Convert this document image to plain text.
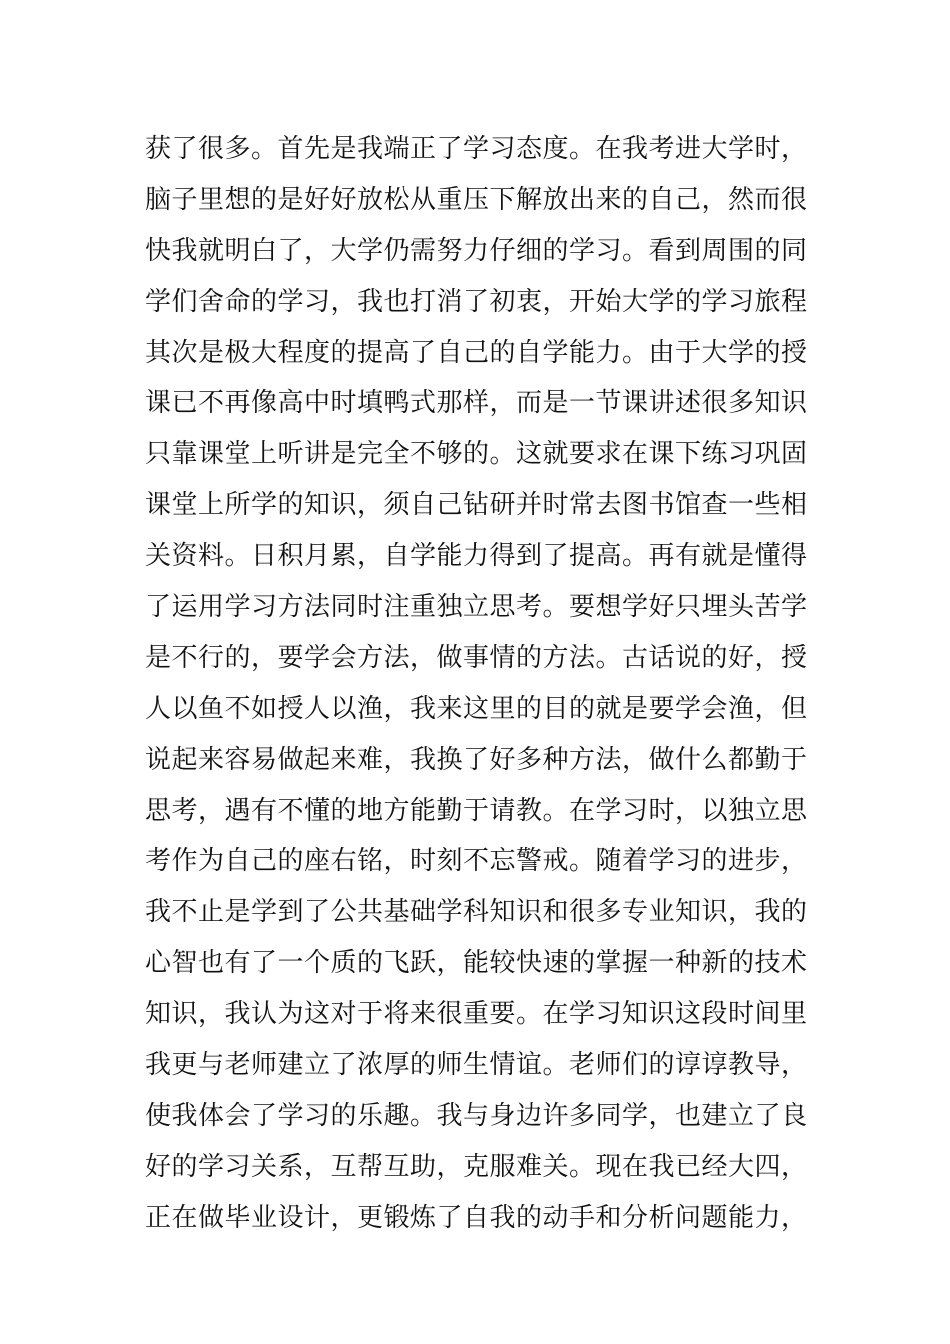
获了很多。首先是我端正了学习态度。在我考进大学时，
脑子里想的是好好放松从重压下解放出来的自己，然而很
快我就明白了，大学仍需努力仔细的学习。看到周围的同
学们舍命的学习，我也打消了初衷，开始大学的学习旅程
其次是极大程度的提高了自己的自学能力。由于大学的授
课已不再像高中时填鸭式那样，而是一节课讲述很多知识
只靠课堂上听讲是完全不够的。这就要求在课下练习巩固
课堂上所学的知识，须自己钻研并时常去图书馆查一些相
关资料。日积月累，自学能力得到了提高。再有就是懂得
了运用学习方法同时注重独立思考。要想学好只埋头苦学
是不行的，要学会方法，做事情的方法。古话说的好，授
人以鱼不如授人以渔，我来这里的目的就是要学会渔，但
说起来容易做起来难，我换了好多种方法，做什么都勤于
思考，遇有不懂的地方能勤于请教。在学习时，以独立思
考作为自己的座右铭，时刻不忘警戒。随着学习的进步，
我不止是学到了公共基础学科知识和很多专业知识，我的
心智也有了一个质的飞跃，能较快速的掌握一种新的技术
知识，我认为这对于将来很重要。在学习知识这段时间里
我更与老师建立了浓厚的师生情谊。老师们的谆谆教导，
使我体会了学习的乐趣。我与身边许多同学，也建立了良
好的学习关系，互帮互助，克服难关。现在我已经大四，
正在做毕业设计，更锻炼了自我的动手和分析问题能力，
